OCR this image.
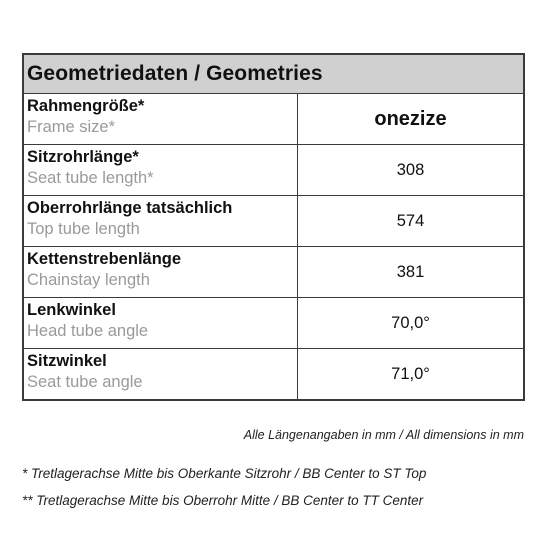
Geometriedaten / Geometries	

Rahmengröße*
Frame size*	onezize

Sitzrohrlänge*
Seat tube length*	308

Oberrohrlänge tatsächlich
Top tube length	574

Kettenstrebenlänge
Chainstay length	381

Lenkwinkel
Head tube angle	70,0°

Sitzwinkel
Seat tube angle	71,0°
Alle Längenangaben in mm / All dimensions in mm
* Tretlagerachse Mitte bis Oberkante Sitzrohr / BB Center to ST Top
** Tretlagerachse Mitte bis Oberrohr Mitte / BB Center to TT Center
